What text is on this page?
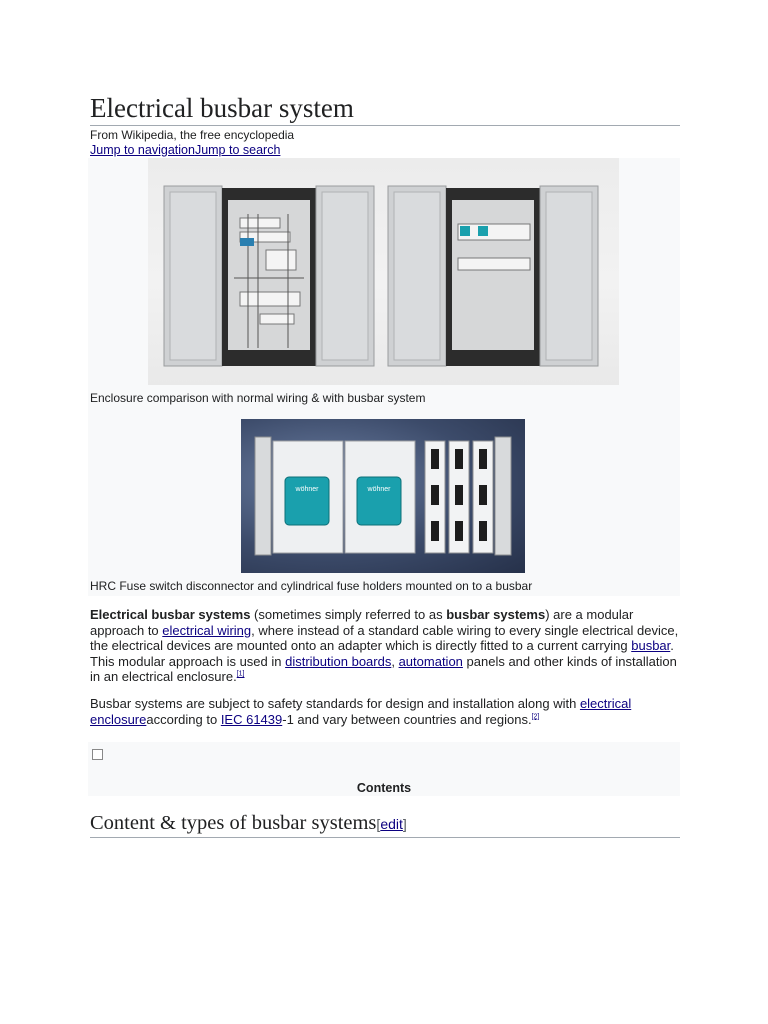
Electrical busbar system
From Wikipedia, the free encyclopedia
Jump to navigationJump to search
Enclosure comparison with normal wiring & with busbar system
wöhner	wöhner
HRC Fuse switch disconnector and cylindrical fuse holders mounted on to a busbar

Electrical busbar systems (sometimes simply referred to as busbar systems) are a modular approach to electrical wiring, where instead of a standard cable wiring to every single electrical device, the electrical devices are mounted onto an adapter which is directly fitted to a current carrying busbar. This modular approach is used in distribution boards, automation panels and other kinds of installation in an electrical enclosure.[1]

Busbar systems are subject to safety standards for design and installation along with electrical enclosureaccording to IEC 61439-1 and vary between countries and regions.[2]

Contents
Content & types of busbar systems[edit]
